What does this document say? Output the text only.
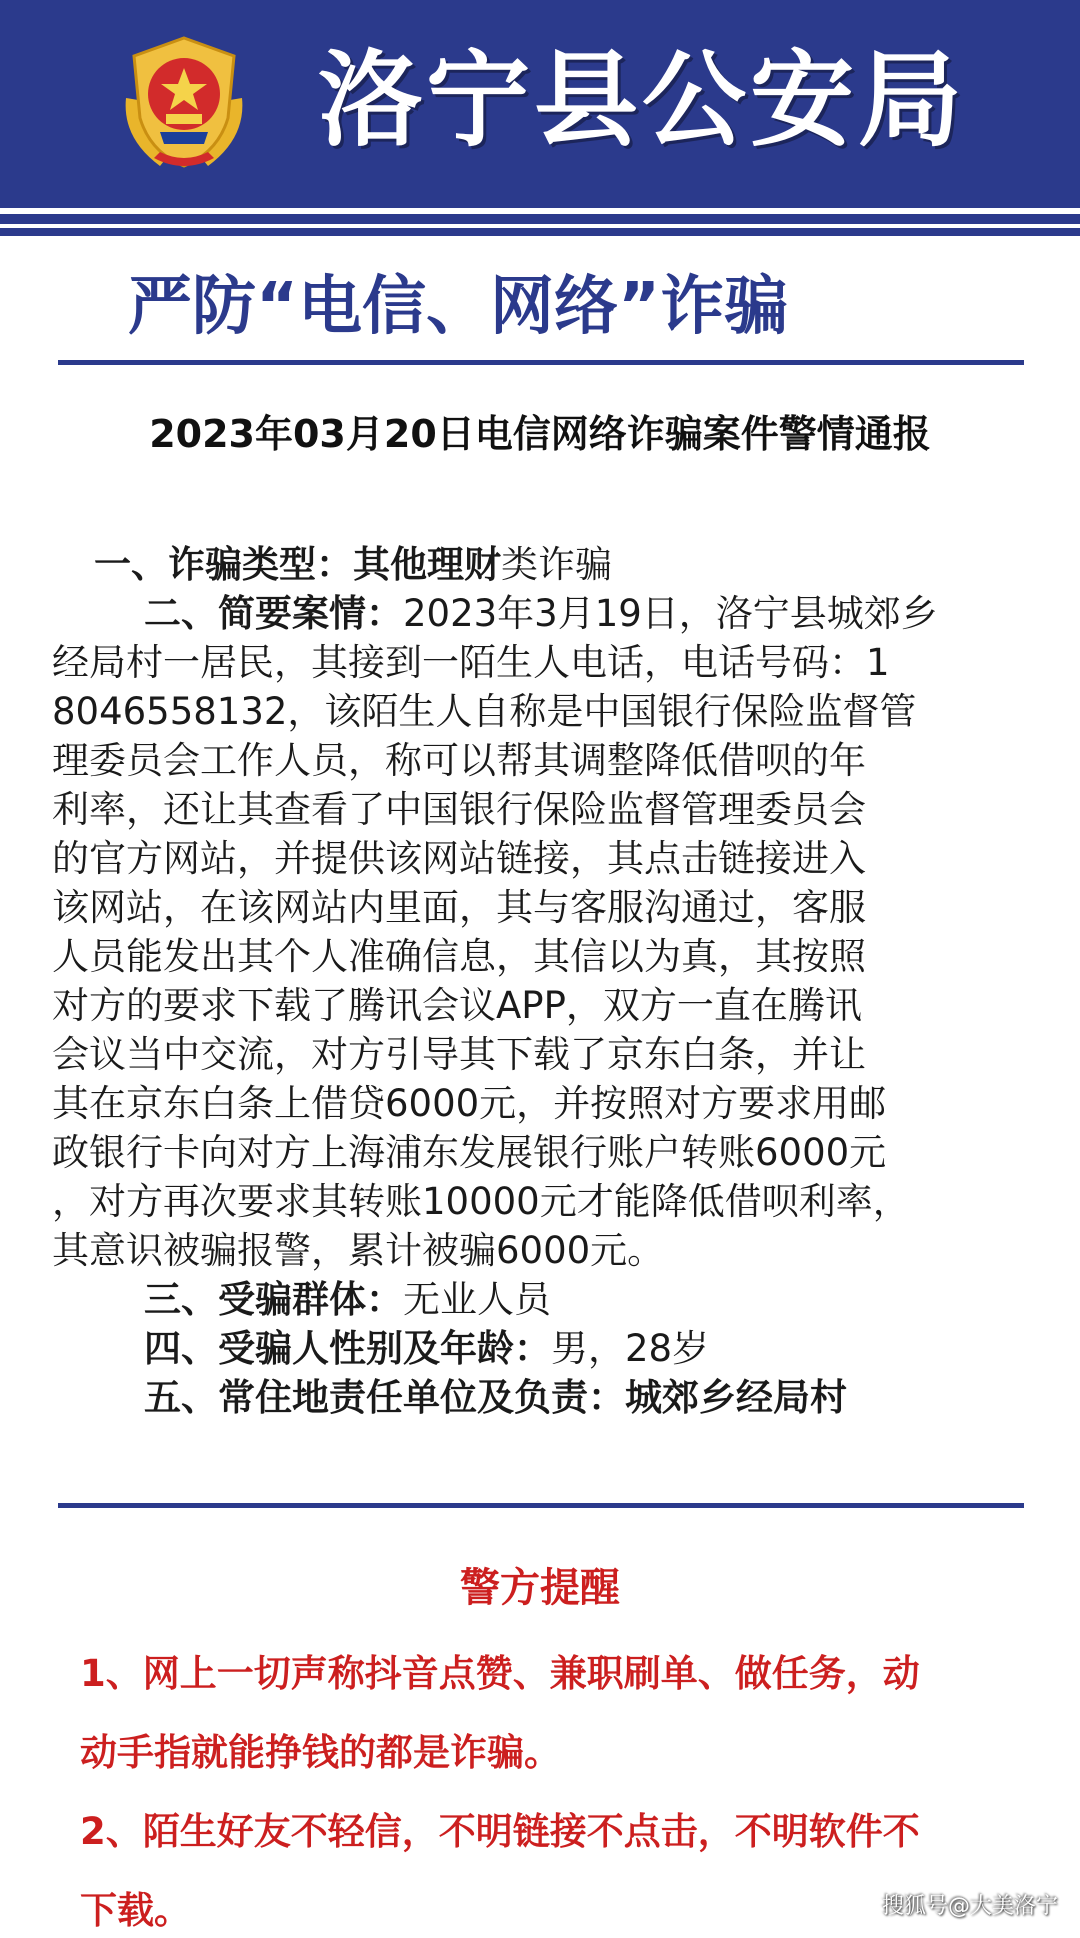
洛宁县公安局
严防“电信、网络”诈骗
2023年03月20日电信网络诈骗案件警情通报

一、诈骗类型：其他理财类诈骗

二、简要案情：2023年3月19日，洛宁县城郊乡

经局村一居民，其接到一陌生人电话，电话号码：1

8046558132，该陌生人自称是中国银行保险监督管

理委员会工作人员，称可以帮其调整降低借呗的年

利率，还让其查看了中国银行保险监督管理委员会

的官方网站，并提供该网站链接，其点击链接进入

该网站，在该网站内里面，其与客服沟通过，客服

人员能发出其个人准确信息，其信以为真，其按照

对方的要求下载了腾讯会议APP，双方一直在腾讯

会议当中交流，对方引导其下载了京东白条，并让

其在京东白条上借贷6000元，并按照对方要求用邮

政银行卡向对方上海浦东发展银行账户转账6000元

，对方再次要求其转账10000元才能降低借呗利率，

其意识被骗报警，累计被骗6000元。

三、受骗群体：无业人员

四、受骗人性别及年龄：男，28岁

五、常住地责任单位及负责：城郊乡经局村

警方提醒

1、网上一切声称抖音点赞、兼职刷单、做任务，动

动手指就能挣钱的都是诈骗。

2、陌生好友不轻信，不明链接不点击，不明软件不

下载。	搜狐号@大美洛宁
